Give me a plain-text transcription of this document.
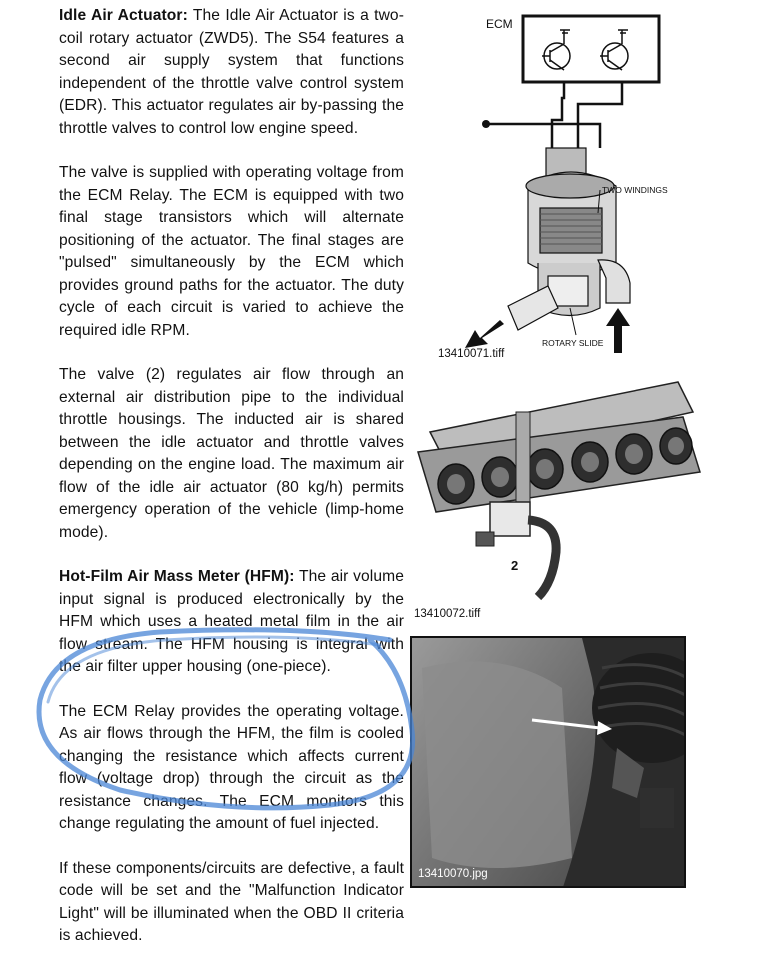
Idle Air Actuator: The Idle Air Actuator is a two-coil rotary actuator (ZWD5). The S54 features a second air supply system that functions independent of the throttle valve control system (EDR). This actuator regulates air by-passing the throttle valves to control low engine speed.

The valve is supplied with operating voltage from the ECM Relay. The ECM is equipped with two final stage transistors which will alternate positioning of the actuator. The final stages are "pulsed" simultaneously by the ECM which provides ground paths for the actuator. The duty cycle of each circuit is varied to achieve the required idle RPM.

The valve (2) regulates air flow through an external air distribution pipe to the individual throttle housings. The inducted air is shared between the idle actuator and throttle valves depending on the engine load. The maximum air flow of the idle air actuator (80 kg/h) permits emergency operation of the vehicle (limp-home mode).

Hot-Film Air Mass Meter (HFM): The air volume input signal is produced electronically by the HFM which uses a heated metal film in the air flow stream. The HFM housing is integral with the air filter upper housing (one-piece).

The ECM Relay provides the operating voltage. As air flows through the HFM, the film is cooled changing the resistance which affects current flow (voltage drop) through the circuit as the resistance changes. The ECM monitors this change regulating the amount of fuel injected.

If these components/circuits are defective, a fault code will be set and the "Malfunction Indicator Light" will be illuminated when the OBD II criteria is achieved.

ECM
TWO WINDINGS
ROTARY SLIDE
13410071.tiff
2
13410072.tiff
13410070.jpg
